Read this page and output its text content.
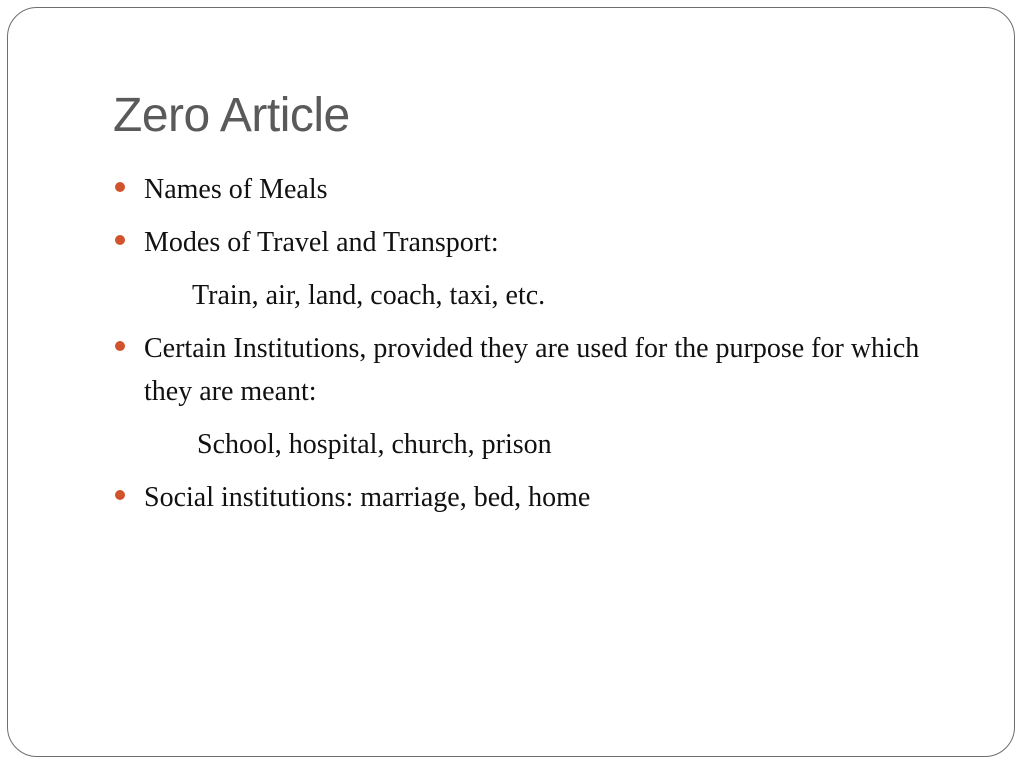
Zero Article
Names of Meals
Modes of Travel and Transport:
Train, air, land, coach, taxi, etc.
Certain Institutions, provided they are used for the purpose for which they are meant:
School, hospital, church, prison
Social institutions: marriage, bed, home
